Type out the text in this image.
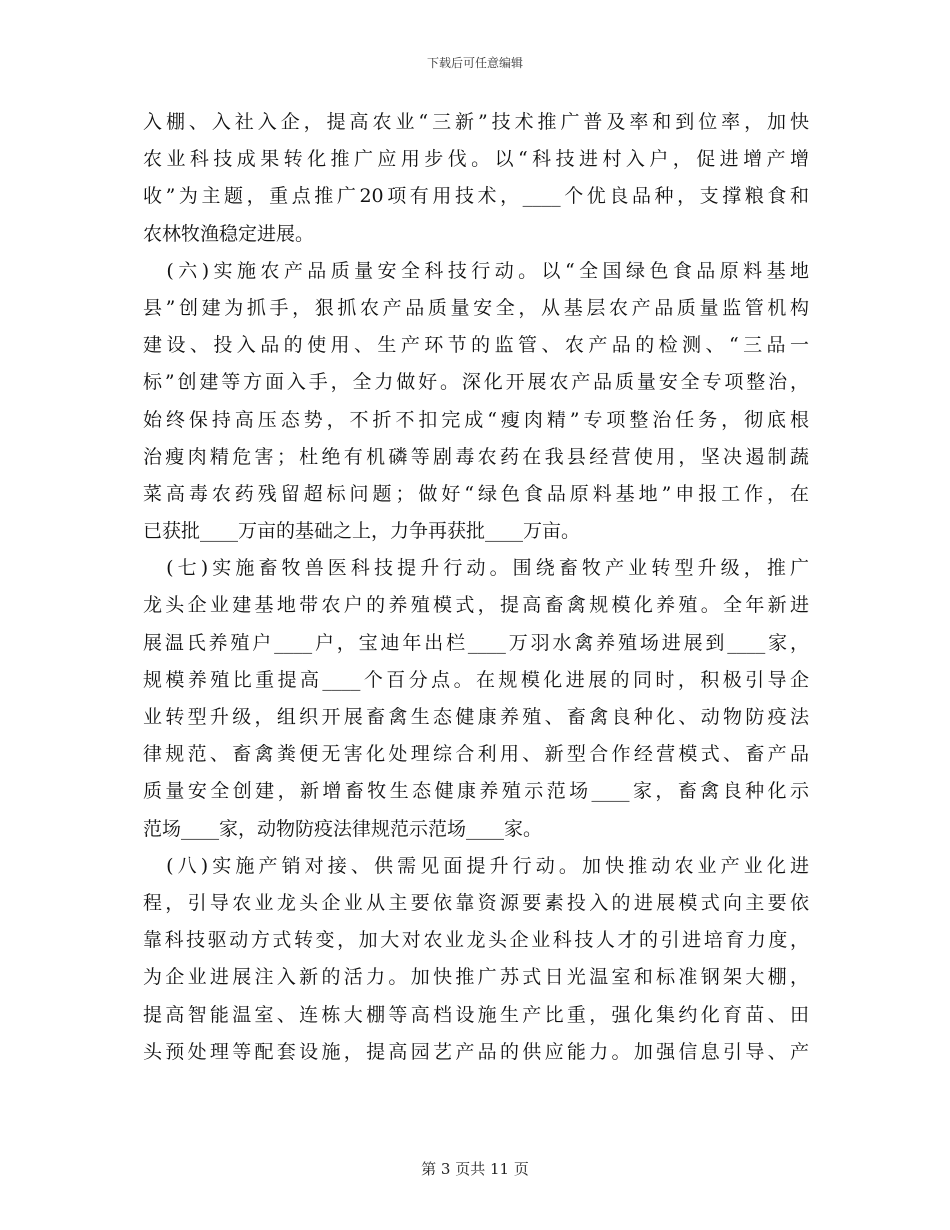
下载后可任意编辑
入棚、入社入企，提高农业“三新”技术推广普及率和到位率，加快
农业科技成果转化推广应用步伐。以“科技进村入户，促进增产增
收”为主题，重点推广20项有用技术，____个优良品种，支撑粮食和
农林牧渔稳定进展。
　(六)实施农产品质量安全科技行动。以“全国绿色食品原料基地
县”创建为抓手，狠抓农产品质量安全，从基层农产品质量监管机构
建设、投入品的使用、生产环节的监管、农产品的检测、“三品一
标”创建等方面入手，全力做好。深化开展农产品质量安全专项整治，
始终保持高压态势，不折不扣完成“瘦肉精”专项整治任务，彻底根
治瘦肉精危害；杜绝有机磷等剧毒农药在我县经营使用，坚决遏制蔬
菜高毒农药残留超标问题；做好“绿色食品原料基地”申报工作，在
已获批____万亩的基础之上，力争再获批____万亩。
　(七)实施畜牧兽医科技提升行动。围绕畜牧产业转型升级，推广
龙头企业建基地带农户的养殖模式，提高畜禽规模化养殖。全年新进
展温氏养殖户____户，宝迪年出栏____万羽水禽养殖场进展到____家，
规模养殖比重提高____个百分点。在规模化进展的同时，积极引导企
业转型升级，组织开展畜禽生态健康养殖、畜禽良种化、动物防疫法
律规范、畜禽粪便无害化处理综合利用、新型合作经营模式、畜产品
质量安全创建，新增畜牧生态健康养殖示范场____家，畜禽良种化示
范场____家，动物防疫法律规范示范场____家。
　(八)实施产销对接、供需见面提升行动。加快推动农业产业化进
程，引导农业龙头企业从主要依靠资源要素投入的进展模式向主要依
靠科技驱动方式转变，加大对农业龙头企业科技人才的引进培育力度，
为企业进展注入新的活力。加快推广苏式日光温室和标准钢架大棚，
提高智能温室、连栋大棚等高档设施生产比重，强化集约化育苗、田
头预处理等配套设施，提高园艺产品的供应能力。加强信息引导、产
第 3 页共 11 页
